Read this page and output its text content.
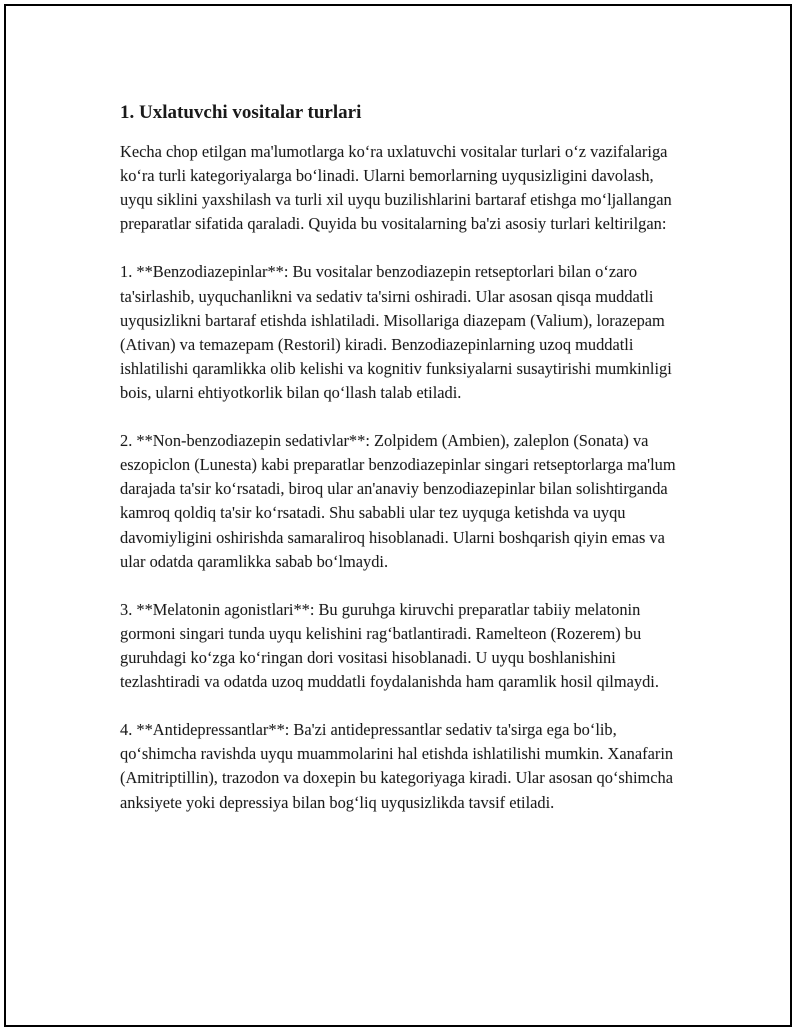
1. Uxlatuvchi vositalar turlari

Kecha chop etilgan ma'lumotlarga ko‘ra uxlatuvchi vositalar turlari o‘z vazifalariga ko‘ra turli kategoriyalarga bo‘linadi. Ularni bemorlarning uyqusizligini davolash, uyqu siklini yaxshilash va turli xil uyqu buzilishlarini bartaraf etishga mo‘ljallangan preparatlar sifatida qaraladi. Quyida bu vositalarning ba'zi asosiy turlari keltirilgan:

1. **Benzodiazepinlar**: Bu vositalar benzodiazepin retseptorlari bilan o‘zaro ta'sirlashib, uyquchanlikni va sedativ ta'sirni oshiradi. Ular asosan qisqa muddatli uyqusizlikni bartaraf etishda ishlatiladi. Misollariga diazepam (Valium), lorazepam (Ativan) va temazepam (Restoril) kiradi. Benzodiazepinlarning uzoq muddatli ishlatilishi qaramlikka olib kelishi va kognitiv funksiyalarni susaytirishi mumkinligi bois, ularni ehtiyotkorlik bilan qo‘llash talab etiladi.

2. **Non-benzodiazepin sedativlar**: Zolpidem (Ambien), zaleplon (Sonata) va eszopiclon (Lunesta) kabi preparatlar benzodiazepinlar singari retseptorlarga ma'lum darajada ta'sir ko‘rsatadi, biroq ular an'anaviy benzodiazepinlar bilan solishtirganda kamroq qoldiq ta'sir ko‘rsatadi. Shu sababli ular tez uyquga ketishda va uyqu davomiyligini oshirishda samaraliroq hisoblanadi. Ularni boshqarish qiyin emas va ular odatda qaramlikka sabab bo‘lmaydi.

3. **Melatonin agonistlari**: Bu guruhga kiruvchi preparatlar tabiiy melatonin gormoni singari tunda uyqu kelishini rag‘batlantiradi. Ramelteon (Rozerem) bu guruhdagi ko‘zga ko‘ringan dori vositasi hisoblanadi. U uyqu boshlanishini tezlashtiradi va odatda uzoq muddatli foydalanishda ham qaramlik hosil qilmaydi.

4. **Antidepressantlar**: Ba'zi antidepressantlar sedativ ta'sirga ega bo‘lib, qo‘shimcha ravishda uyqu muammolarini hal etishda ishlatilishi mumkin. Xanafarin (Amitriptillin), trazodon va doxepin bu kategoriyaga kiradi. Ular asosan qo‘shimcha anksiyete yoki depressiya bilan bog‘liq uyqusizlikda tavsif etiladi.
